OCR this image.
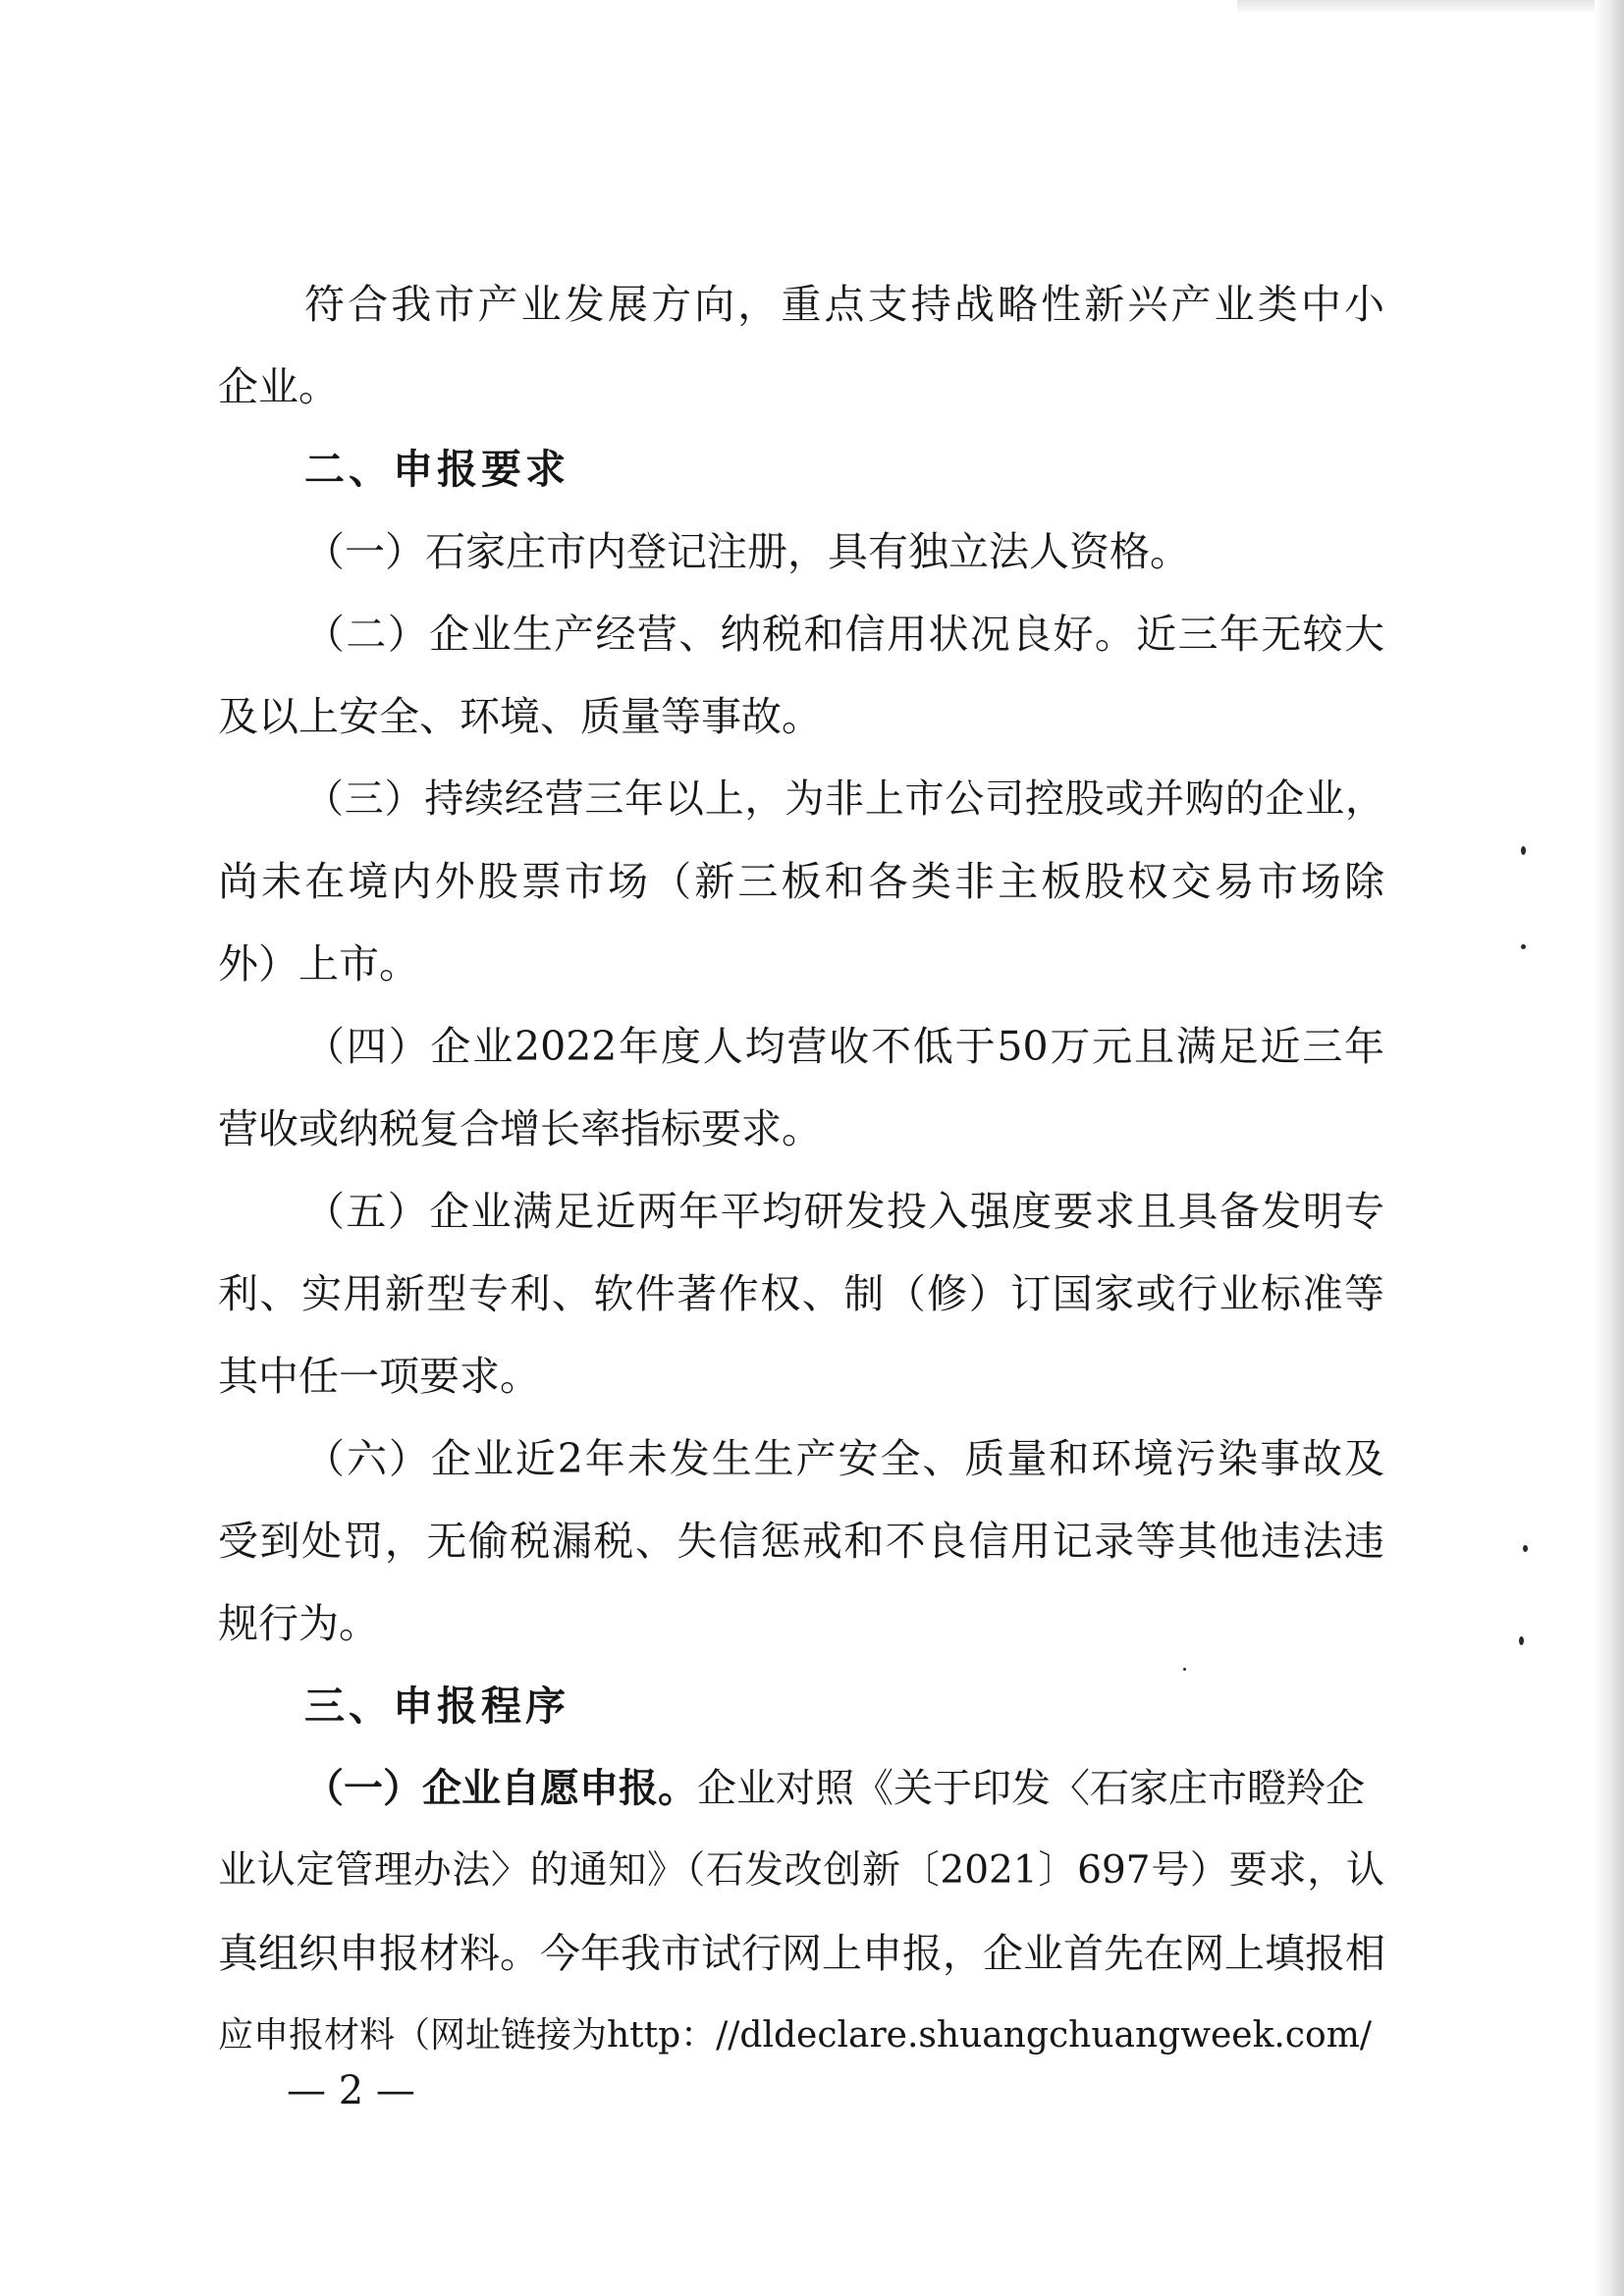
符合我市产业发展方向，重点支持战略性新兴产业类中小
企业。
二、申报要求
（一）石家庄市内登记注册，具有独立法人资格。
（二）企业生产经营、纳税和信用状况良好。近三年无较大
及以上安全、环境、质量等事故。
（三）持续经营三年以上，为非上市公司控股或并购的企业，
尚未在境内外股票市场（新三板和各类非主板股权交易市场除
外）上市。
（四）企业2022年度人均营收不低于50万元且满足近三年
营收或纳税复合增长率指标要求。
（五）企业满足近两年平均研发投入强度要求且具备发明专
利、实用新型专利、软件著作权、制（修）订国家或行业标准等
其中任一项要求。
（六）企业近2年未发生生产安全、质量和环境污染事故及
受到处罚，无偷税漏税、失信惩戒和不良信用记录等其他违法违
规行为。
三、申报程序
（一）企业自愿申报。企业对照《关于印发〈石家庄市瞪羚企
业认定管理办法〉的通知》（石发改创新〔2021〕697号）要求，认
真组织申报材料。今年我市试行网上申报，企业首先在网上填报相
应申报材料（网址链接为http：//dldeclare.shuangchuangweek.com/
— 2 —
